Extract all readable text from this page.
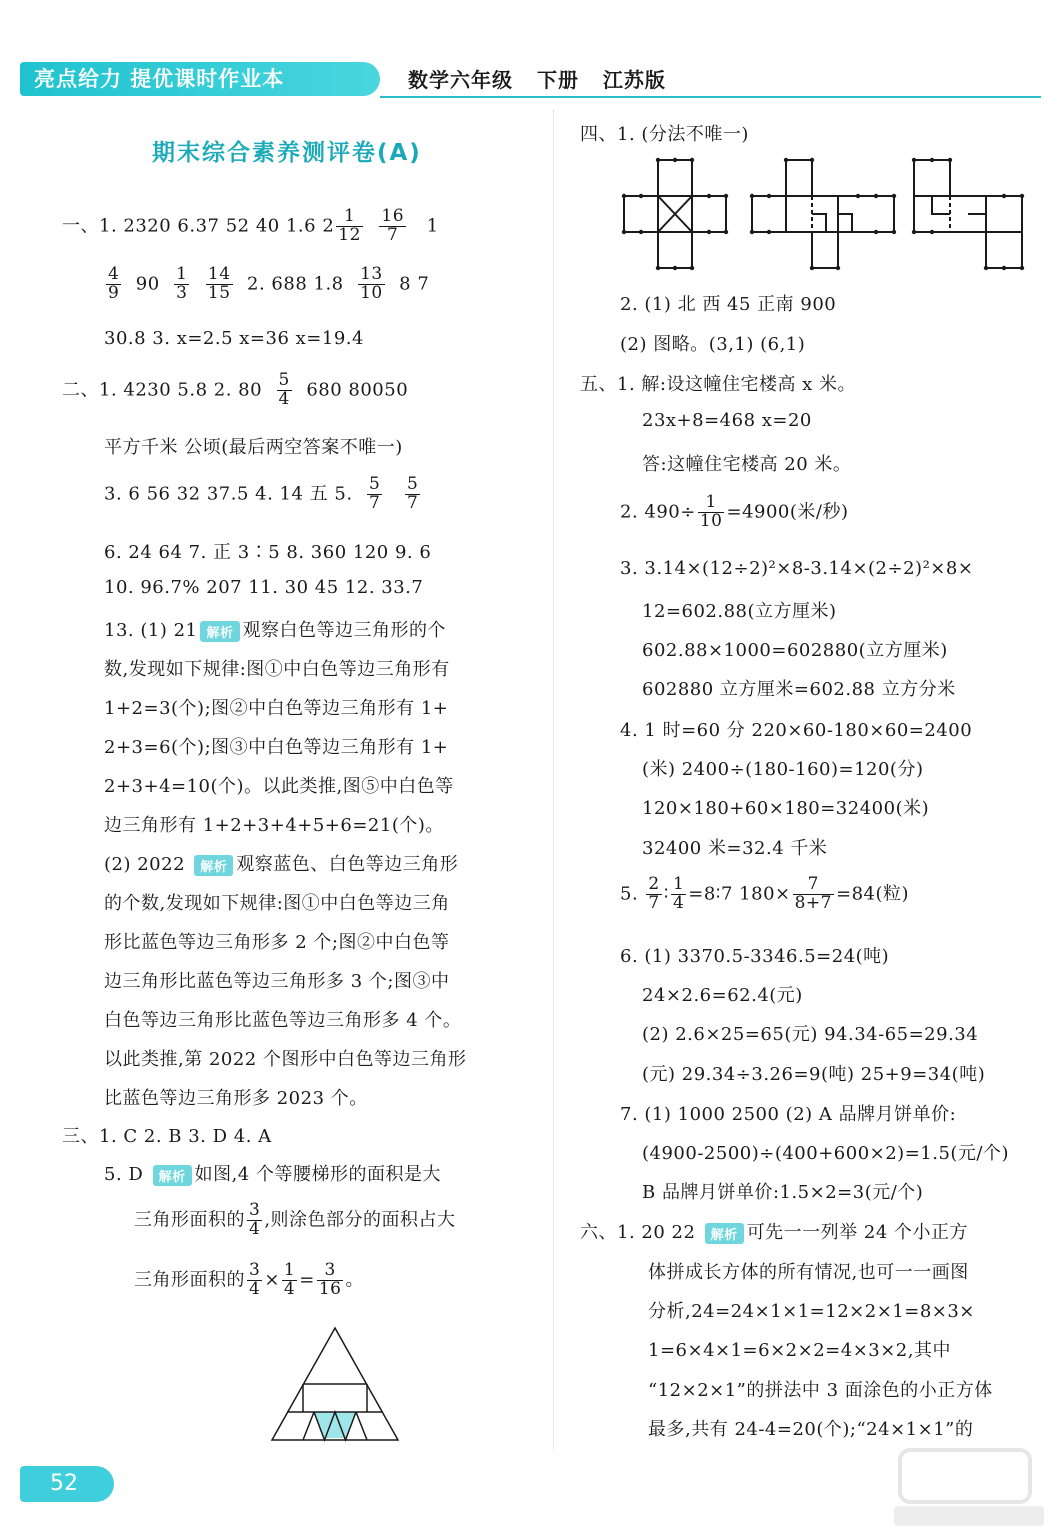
亮点给力 提优课时作业本	数学六年级 下册 江苏版
期末综合素养测评卷(A)
一、1. 2320 6.37 52 40 1.6 $2 \frac{1}{12}$
$\frac{16}{7} 1$
$\frac{4}{9} 90 \frac{1}{3}$
$\frac{14}{15} 2$. 688 $1.8 \frac{13}{10} 8$ 7
30.8 3. x=2.5 x=36 x=19.4
二、1. 4230 5.8 2. $80 \frac{5}{4} 680$ 80050
平方千米 公顷(最后两空答案不唯一)
3. 6 56 32 37.5 4. 14 五 5. $\frac{5}{7}$
$\frac{5}{7}$
6. 24 64 7. 正 3∶5 8. 360 120 9. 6
10. 96.7% 207 11. 30 45 12. 33.7
13. (1) 21 解析 观察白色等边三角形的个
数,发现如下规律:图①中白色等边三角形有
1+2=3(个);图②中白色等边三角形有 1+
2+3=6(个);图③中白色等边三角形有 1+
2+3+4=10(个)。以此类推,图⑤中白色等
边三角形有 1+2+3+4+5+6=21(个)。
(2) 2022 解析 观察蓝色、白色等边三角形
的个数,发现如下规律:图①中白色等边三角
形比蓝色等边三角形多 2 个;图②中白色等
边三角形比蓝色等边三角形多 3 个;图③中
白色等边三角形比蓝色等边三角形多 4 个。
以此类推,第 2022 个图形中白色等边三角形
比蓝色等边三角形多 2023 个。
三、1. C 2. B 3. D 4. A
5. D 解析 如图,4 个等腰梯形的面积是大
三角形面积的 $\frac{3}{4}$ ,则涂色部分的面积占大
三角形面积的 $\frac{3}{4} \times \frac{1}{4} = \frac{3}{16}$ 。
四、1. (分法不唯一)
2. (1) 北 西 45 正南 900
(2) 图略。(3,1) (6,1)
五、1. 解:设这幢住宅楼高 x 米。
23x+8=468 x=20
答:这幢住宅楼高 20 米。
2. $490\div \frac{1}{10} =4900$(米/秒)
3. 3.14×(12÷2)²×8-3.14×(2÷2)²×8×
12=602.88(立方厘米)
602.88×1000=602880(立方厘米)
602880 立方厘米=602.88 立方分米
4. 1 时=60 分 220×60-180×60=2400
(米) 2400÷(180-160)=120(分)
120×180+60×180=32400(米)
32400 米=32.4 千米
5. $\frac{2}{7}$ ∶ $\frac{1}{4}$ =8∶7 $180\times \frac{7}{8+7} =84$(粒)
6. (1) 3370.5-3346.5=24(吨)
24×2.6=62.4(元)
(2) 2.6×25=65(元) 94.34-65=29.34
(元) 29.34÷3.26=9(吨) 25+9=34(吨)
7. (1) 1000 2500 (2) A 品牌月饼单价:
(4900-2500)÷(400+600×2)=1.5(元/个)
B 品牌月饼单价:1.5×2=3(元/个)
六、1. 20 22 解析 可先一一列举 24 个小正方
体拼成长方体的所有情况,也可一一画图
分析,24=24×1×1=12×2×1=8×3×
1=6×4×1=6×2×2=4×3×2,其中
“12×2×1”的拼法中 3 面涂色的小正方体
最多,共有 24-4=20(个);“24×1×1”的
52
